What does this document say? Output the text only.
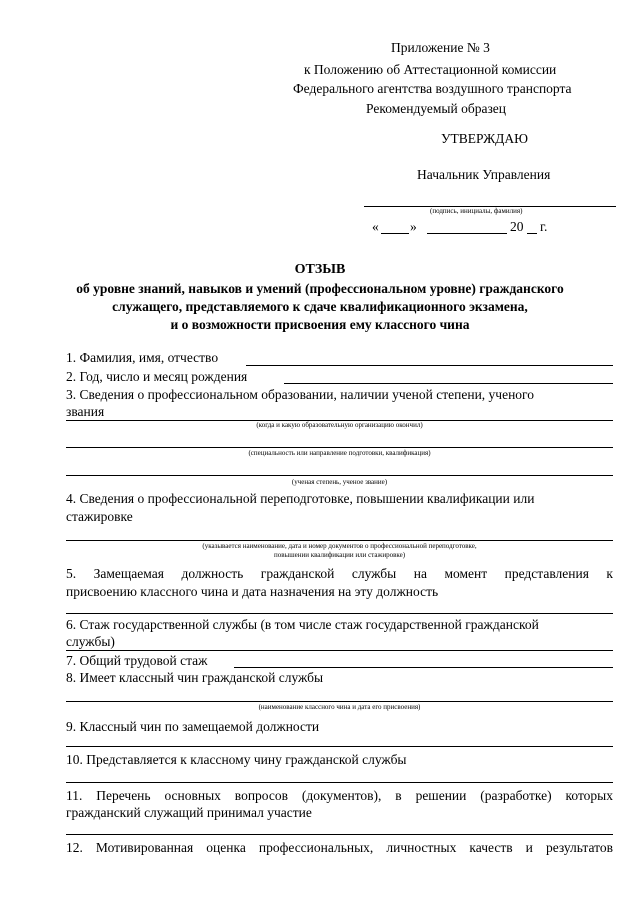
Приложение № 3
к Положению об Аттестационной комиссии
Федерального агентства воздушного транспорта
Рекомендуемый образец
УТВЕРЖДАЮ
Начальник Управления
(подпись, инициалы, фамилия)
« »	20 г.
ОТЗЫВ
об уровне знаний, навыков и умений (профессиональном уровне) гражданского
служащего, представляемого к сдаче квалификационного экзамена,
и о возможности присвоения ему классного чина
1. Фамилия, имя, отчество
2. Год, число и месяц рождения
3. Сведения о профессиональном образовании, наличии ученой степени, ученого
звания
(когда и какую образовательную организацию окончил)
(специальность или направление подготовки, квалификация)
(ученая степень, ученое звание)
4. Сведения о профессиональной переподготовке, повышении квалификации или
стажировке
(указывается наименование, дата и номер документов о профессиональной переподготовке,
повышении квалификации или стажировке)
5. Замещаемая должность гражданской службы на момент представления к
присвоению классного чина и дата назначения на эту должность
6. Стаж государственной службы (в том числе стаж государственной гражданской
службы)
7. Общий трудовой стаж
8. Имеет классный чин гражданской службы
(наименование классного чина и дата его присвоения)
9. Классный чин по замещаемой должности
10. Представляется к классному чину гражданской службы
11. Перечень основных вопросов (документов), в решении (разработке) которых
гражданский служащий принимал участие
12. Мотивированная оценка профессиональных, личностных качеств и результатов
